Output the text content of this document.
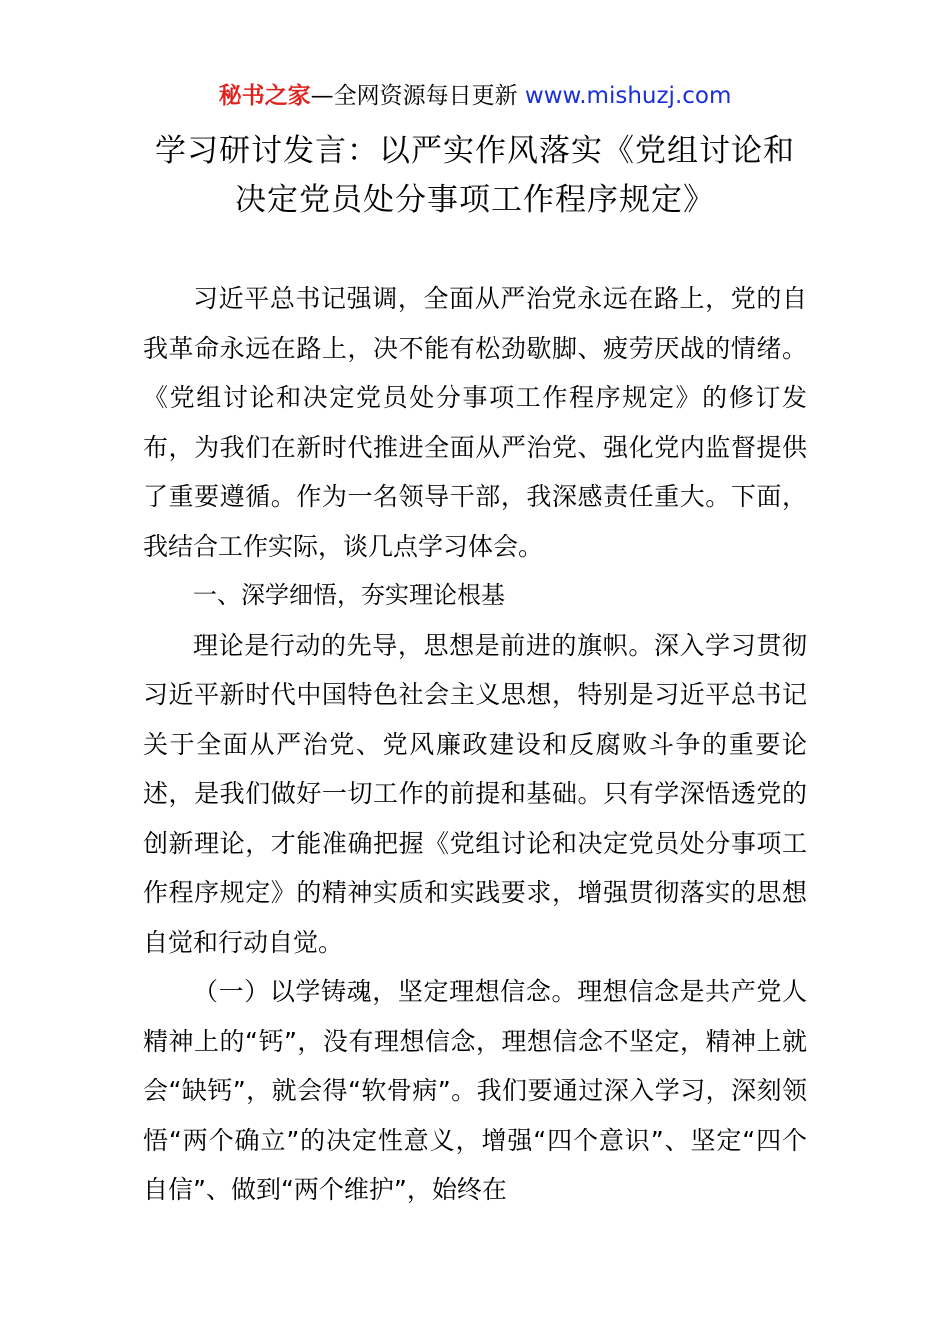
秘书之家—全网资源每日更新 www.mishuzj.com
学习研讨发言：以严实作风落实《党组讨论和
决定党员处分事项工作程序规定》

习近平总书记强调，全面从严治党永远在路上，党的自我革命永远在路上，决不能有松劲歇脚、疲劳厌战的情绪。《党组讨论和决定党员处分事项工作程序规定》的修订发布，为我们在新时代推进全面从严治党、强化党内监督提供了重要遵循。作为一名领导干部，我深感责任重大。下面，我结合工作实际，谈几点学习体会。

一、深学细悟，夯实理论根基

理论是行动的先导，思想是前进的旗帜。深入学习贯彻习近平新时代中国特色社会主义思想，特别是习近平总书记关于全面从严治党、党风廉政建设和反腐败斗争的重要论述，是我们做好一切工作的前提和基础。只有学深悟透党的创新理论，才能准确把握《党组讨论和决定党员处分事项工作程序规定》的精神实质和实践要求，增强贯彻落实的思想自觉和行动自觉。

（一）以学铸魂，坚定理想信念。理想信念是共产党人精神上的“钙”，没有理想信念，理想信念不坚定，精神上就会“缺钙”，就会得“软骨病”。我们要通过深入学习，深刻领悟“两个确立”的决定性意义，增强“四个意识”、坚定“四个自信”、做到“两个维护”，始终在
